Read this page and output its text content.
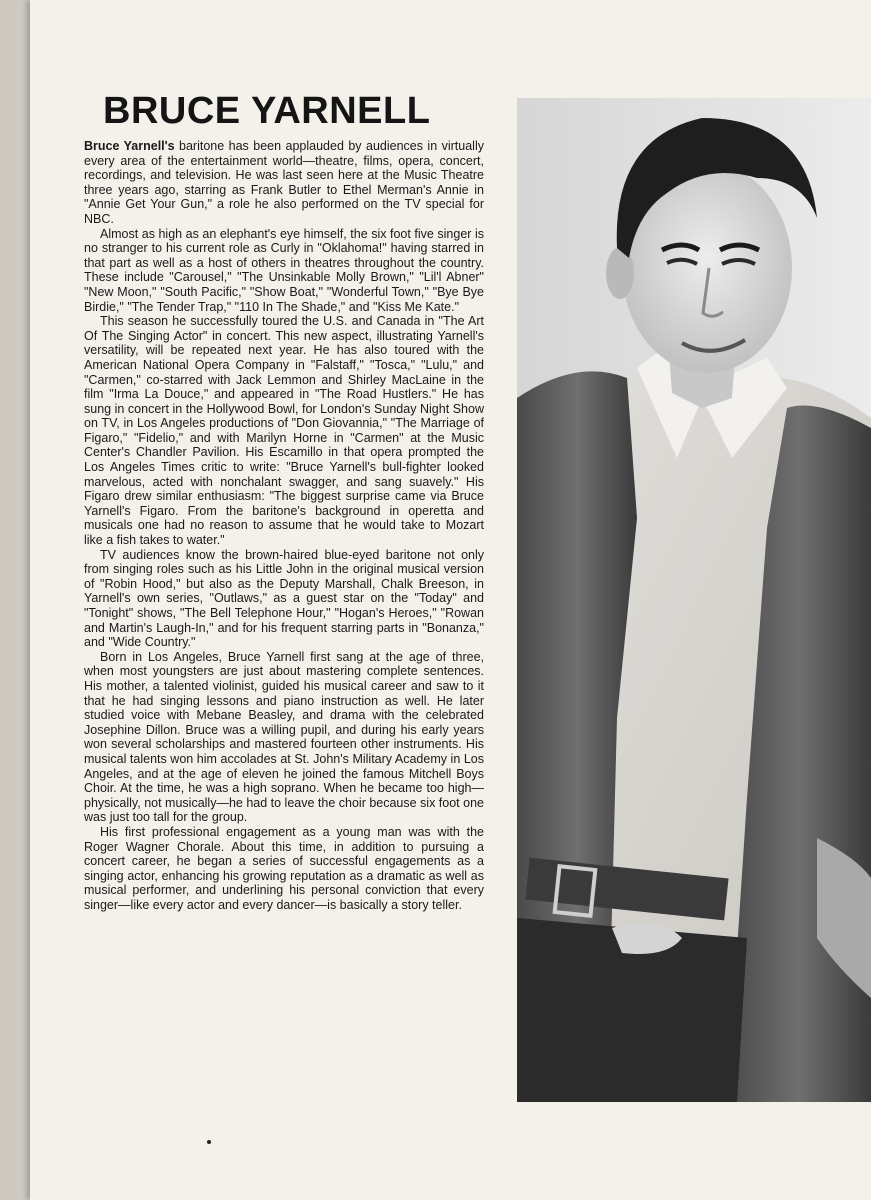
BRUCE YARNELL

Bruce Yarnell's baritone has been applauded by audiences in virtually every area of the entertainment world—theatre, films, opera, concert, recordings, and television. He was last seen here at the Music Theatre three years ago, starring as Frank Butler to Ethel Merman's Annie in "Annie Get Your Gun," a role he also performed on the TV special for NBC.

Almost as high as an elephant's eye himself, the six foot five singer is no stranger to his current role as Curly in "Oklahoma!" having starred in that part as well as a host of others in theatres throughout the country. These include "Carousel," "The Unsinkable Molly Brown," "Lil'l Abner" "New Moon," "South Pacific," "Show Boat," "Wonderful Town," "Bye Bye Birdie," "The Tender Trap," "110 In The Shade," and "Kiss Me Kate."

This season he successfully toured the U.S. and Canada in "The Art Of The Singing Actor" in concert. This new aspect, illustrating Yarnell's versatility, will be repeated next year. He has also toured with the American National Opera Company in "Falstaff," "Tosca," "Lulu," and "Carmen," co-starred with Jack Lemmon and Shirley MacLaine in the film "Irma La Douce," and appeared in "The Road Hustlers." He has sung in concert in the Hollywood Bowl, for London's Sunday Night Show on TV, in Los Angeles productions of "Don Giovannia," "The Marriage of Figaro," "Fidelio," and with Marilyn Horne in "Carmen" at the Music Center's Chandler Pavilion. His Escamillo in that opera prompted the Los Angeles Times critic to write: "Bruce Yarnell's bull-fighter looked marvelous, acted with nonchalant swagger, and sang suavely." His Figaro drew similar enthusiasm: "The biggest surprise came via Bruce Yarnell's Figaro. From the baritone's background in operetta and musicals one had no reason to assume that he would take to Mozart like a fish takes to water."

TV audiences know the brown-haired blue-eyed baritone not only from singing roles such as his Little John in the original musical version of "Robin Hood," but also as the Deputy Marshall, Chalk Breeson, in Yarnell's own series, "Outlaws," as a guest star on the "Today" and "Tonight" shows, "The Bell Telephone Hour," "Hogan's Heroes," "Rowan and Martin's Laugh-In," and for his frequent starring parts in "Bonanza," and "Wide Country."

Born in Los Angeles, Bruce Yarnell first sang at the age of three, when most youngsters are just about mastering complete sentences. His mother, a talented violinist, guided his musical career and saw to it that he had singing lessons and piano instruction as well. He later studied voice with Mebane Beasley, and drama with the celebrated Josephine Dillon. Bruce was a willing pupil, and during his early years won several scholarships and mastered fourteen other instruments. His musical talents won him accolades at St. John's Military Academy in Los Angeles, and at the age of eleven he joined the famous Mitchell Boys Choir. At the time, he was a high soprano. When he became too high—physically, not musically—he had to leave the choir because six foot one was just too tall for the group.

His first professional engagement as a young man was with the Roger Wagner Chorale. About this time, in addition to pursuing a concert career, he began a series of successful engagements as a singing actor, enhancing his growing reputation as a dramatic as well as musical performer, and underlining his personal conviction that every singer—like every actor and every dancer—is basically a story teller.
